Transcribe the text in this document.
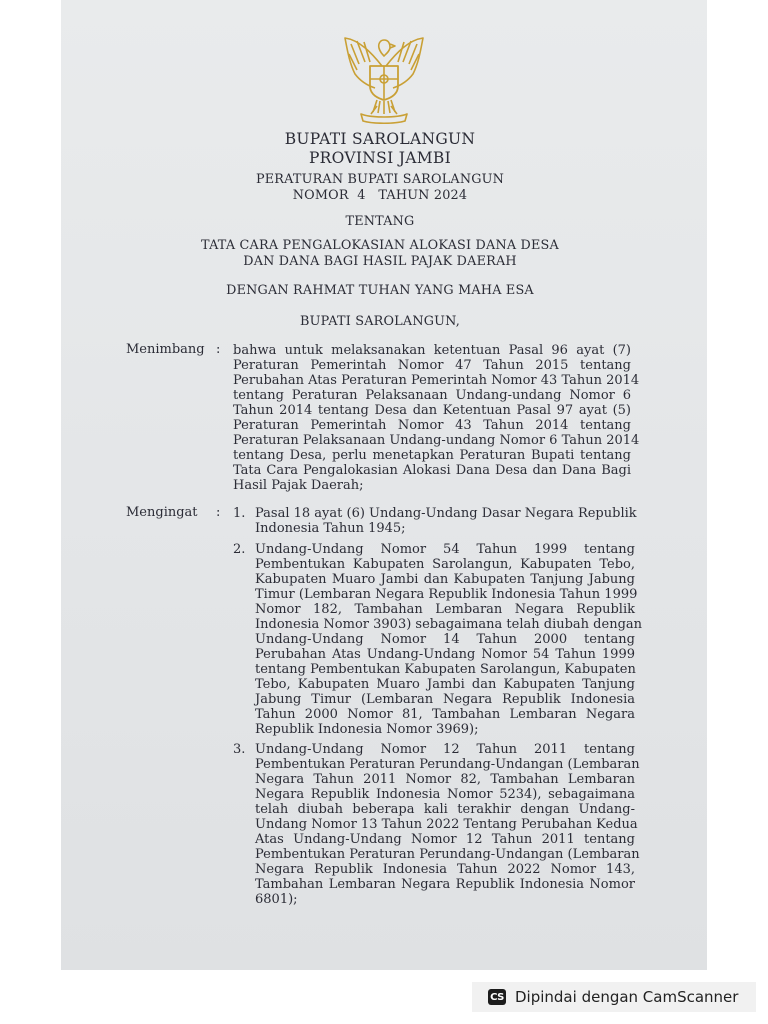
BUPATI SAROLANGUN
PROVINSI JAMBI
PERATURAN BUPATI SAROLANGUN
NOMOR  4   TAHUN 2024
TENTANG
TATA CARA PENGALOKASIAN ALOKASI DANA DESA
DAN DANA BAGI HASIL PAJAK DAERAH
DENGAN RAHMAT TUHAN YANG MAHA ESA
BUPATI SAROLANGUN,
Menimbang : bahwa untuk melaksanakan ketentuan Pasal 96 ayat (7)
Peraturan Pemerintah Nomor 47 Tahun 2015 tentang
Perubahan Atas Peraturan Pemerintah Nomor 43 Tahun 2014
tentang Peraturan Pelaksanaan Undang-undang Nomor 6
Tahun 2014 tentang Desa dan Ketentuan Pasal 97 ayat (5)
Peraturan Pemerintah Nomor 43 Tahun 2014 tentang
Peraturan Pelaksanaan Undang-undang Nomor 6 Tahun 2014
tentang Desa, perlu menetapkan Peraturan Bupati tentang
Tata Cara Pengalokasian Alokasi Dana Desa dan Dana Bagi
Hasil Pajak Daerah;
Mengingat : 1. Pasal 18 ayat (6) Undang-Undang Dasar Negara Republik
Indonesia Tahun 1945;
2. Undang-Undang Nomor 54 Tahun 1999 tentang
Pembentukan Kabupaten Sarolangun, Kabupaten Tebo,
Kabupaten Muaro Jambi dan Kabupaten Tanjung Jabung
Timur (Lembaran Negara Republik Indonesia Tahun 1999
Nomor 182, Tambahan Lembaran Negara Republik
Indonesia Nomor 3903) sebagaimana telah diubah dengan
Undang-Undang Nomor 14 Tahun 2000 tentang
Perubahan Atas Undang-Undang Nomor 54 Tahun 1999
tentang Pembentukan Kabupaten Sarolangun, Kabupaten
Tebo, Kabupaten Muaro Jambi dan Kabupaten Tanjung
Jabung Timur (Lembaran Negara Republik Indonesia
Tahun 2000 Nomor 81, Tambahan Lembaran Negara
Republik Indonesia Nomor 3969);
3. Undang-Undang Nomor 12 Tahun 2011 tentang
Pembentukan Peraturan Perundang-Undangan (Lembaran
Negara Tahun 2011 Nomor 82, Tambahan Lembaran
Negara Republik Indonesia Nomor 5234), sebagaimana
telah diubah beberapa kali terakhir dengan Undang-
Undang Nomor 13 Tahun 2022 Tentang Perubahan Kedua
Atas Undang-Undang Nomor 12 Tahun 2011 tentang
Pembentukan Peraturan Perundang-Undangan (Lembaran
Negara Republik Indonesia Tahun 2022 Nomor 143,
Tambahan Lembaran Negara Republik Indonesia Nomor
6801);
CS Dipindai dengan CamScanner
